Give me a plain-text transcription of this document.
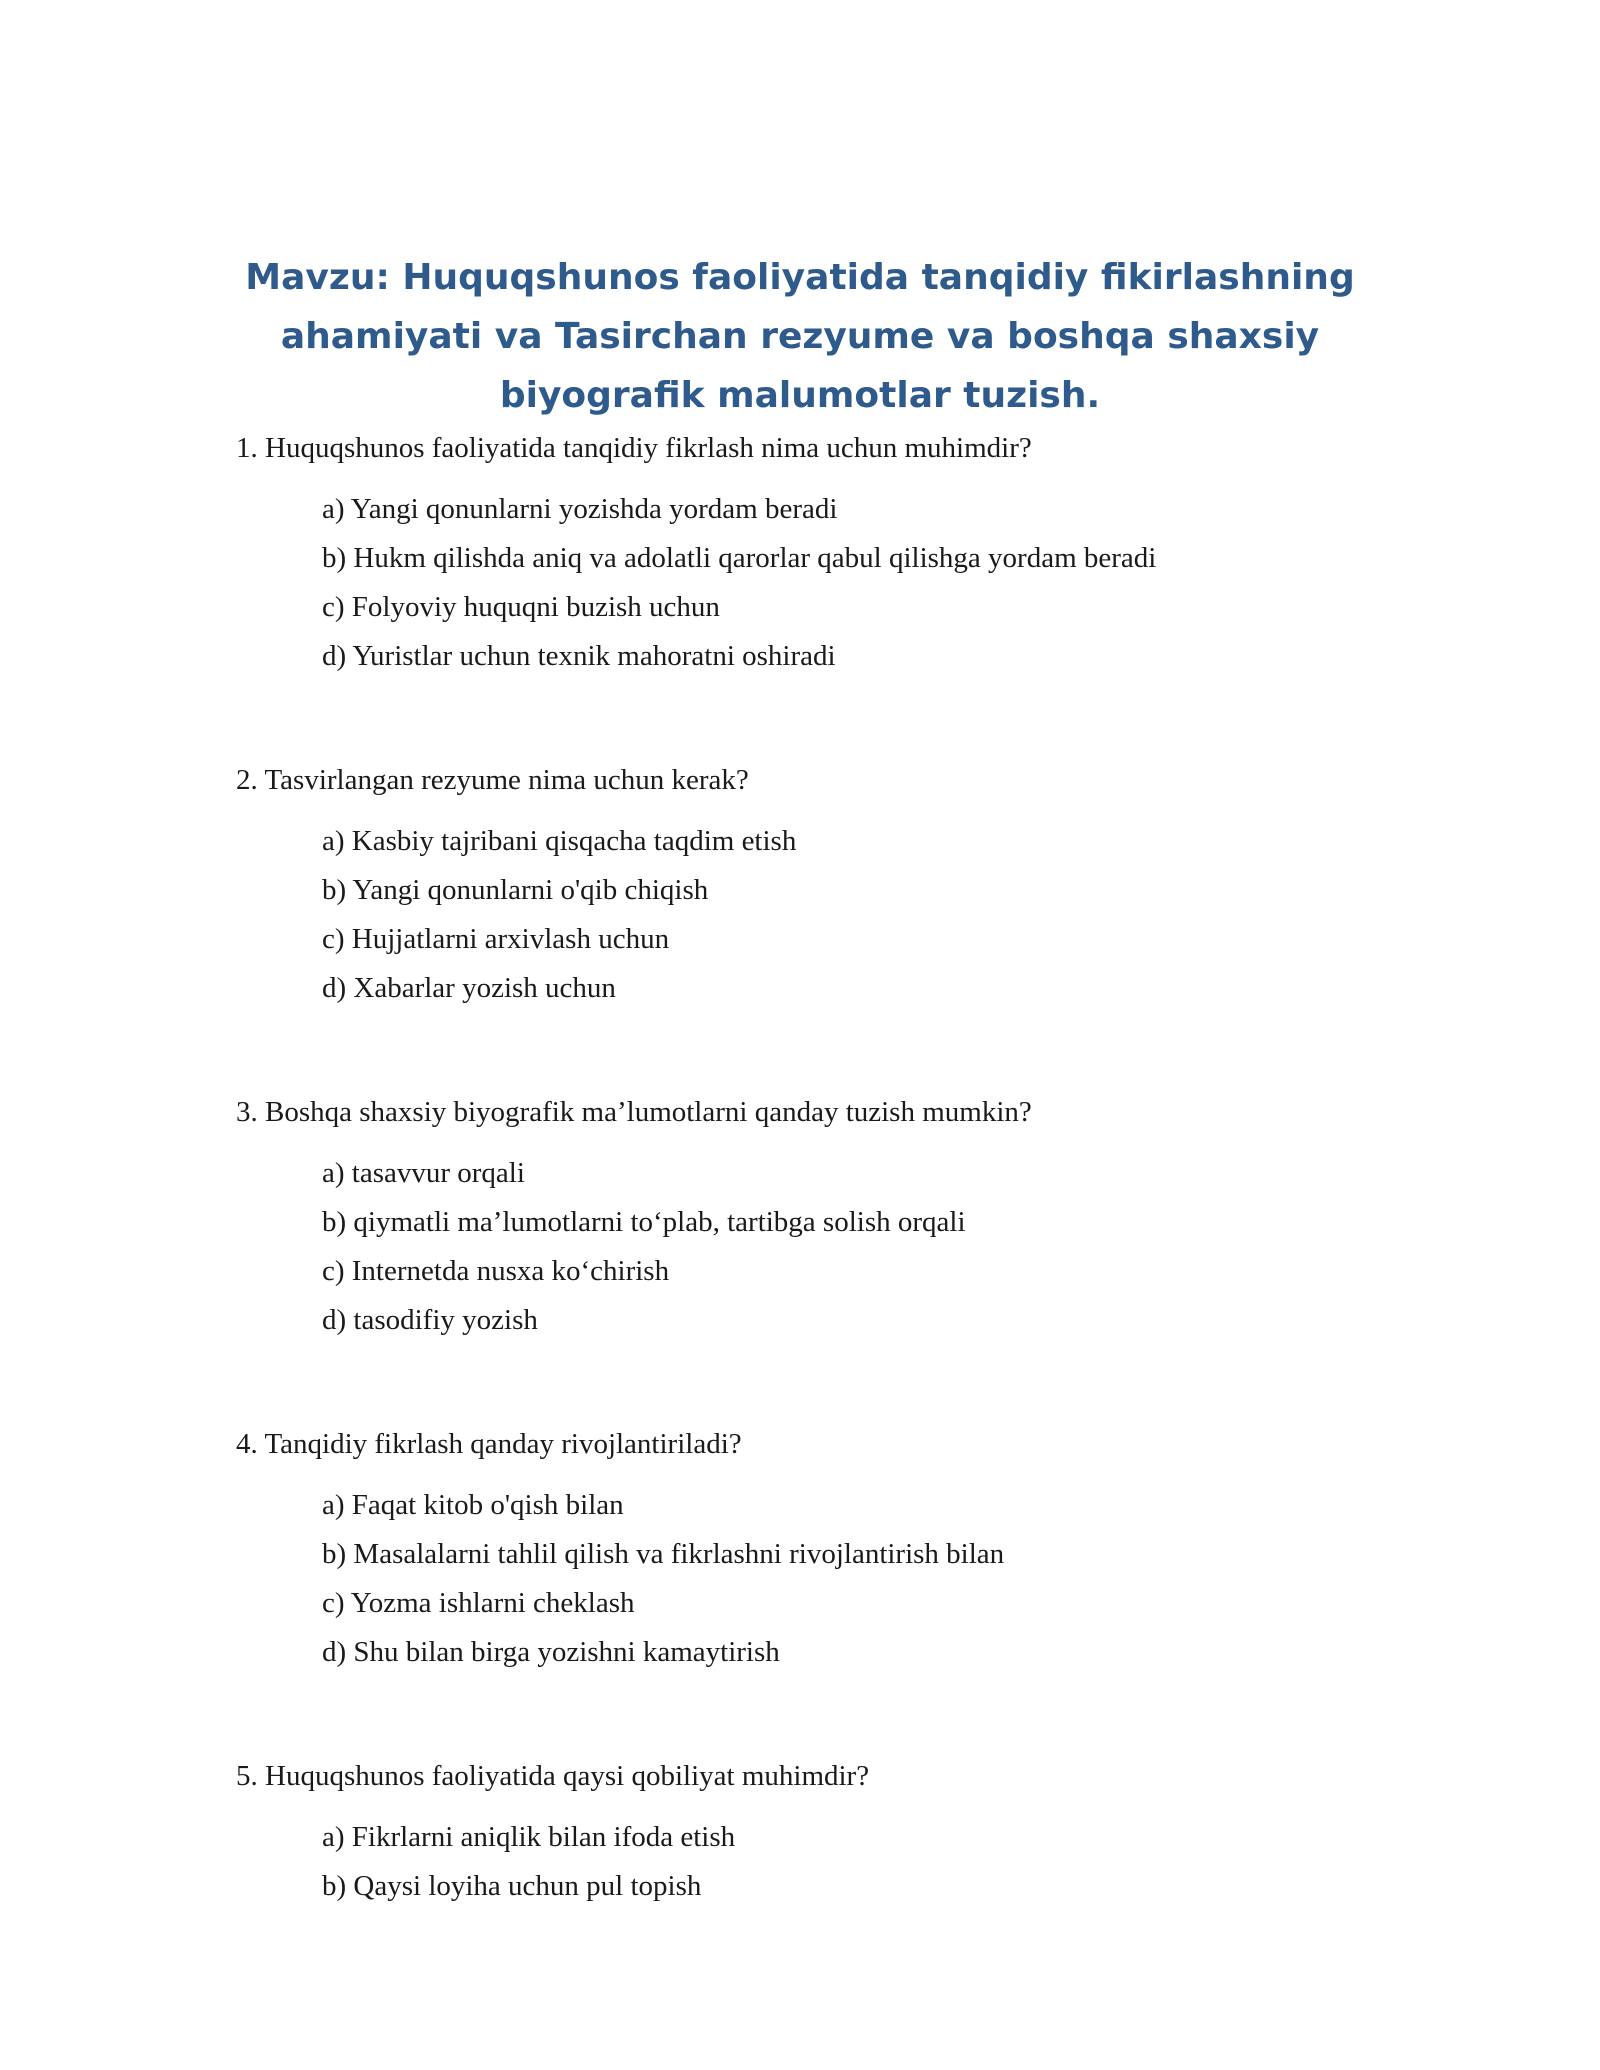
Mavzu: Huquqshunos faoliyatida tanqidiy fikirlashning ahamiyati va Tasirchan rezyume va boshqa shaxsiy biyografik malumotlar tuzish.
1. Huquqshunos faoliyatida tanqidiy fikrlash nima uchun muhimdir?
a) Yangi qonunlarni yozishda yordam beradi
b) Hukm qilishda aniq va adolatli qarorlar qabul qilishga yordam beradi
c) Folyoviy huquqni buzish uchun
d) Yuristlar uchun texnik mahoratni oshiradi
2. Tasvirlangan rezyume nima uchun kerak?
a) Kasbiy tajribani qisqacha taqdim etish
b) Yangi qonunlarni o'qib chiqish
c) Hujjatlarni arxivlash uchun
d) Xabarlar yozish uchun
3. Boshqa shaxsiy biyografik ma’lumotlarni qanday tuzish mumkin?
a) tasavvur orqali
b) qiymatli ma’lumotlarni to‘plab, tartibga solish orqali
c) Internetda nusxa ko‘chirish
d) tasodifiy yozish
4. Tanqidiy fikrlash qanday rivojlantiriladi?
a) Faqat kitob o'qish bilan
b) Masalalarni tahlil qilish va fikrlashni rivojlantirish bilan
c) Yozma ishlarni cheklash
d) Shu bilan birga yozishni kamaytirish
5. Huquqshunos faoliyatida qaysi qobiliyat muhimdir?
a) Fikrlarni aniqlik bilan ifoda etish
b) Qaysi loyiha uchun pul topish
